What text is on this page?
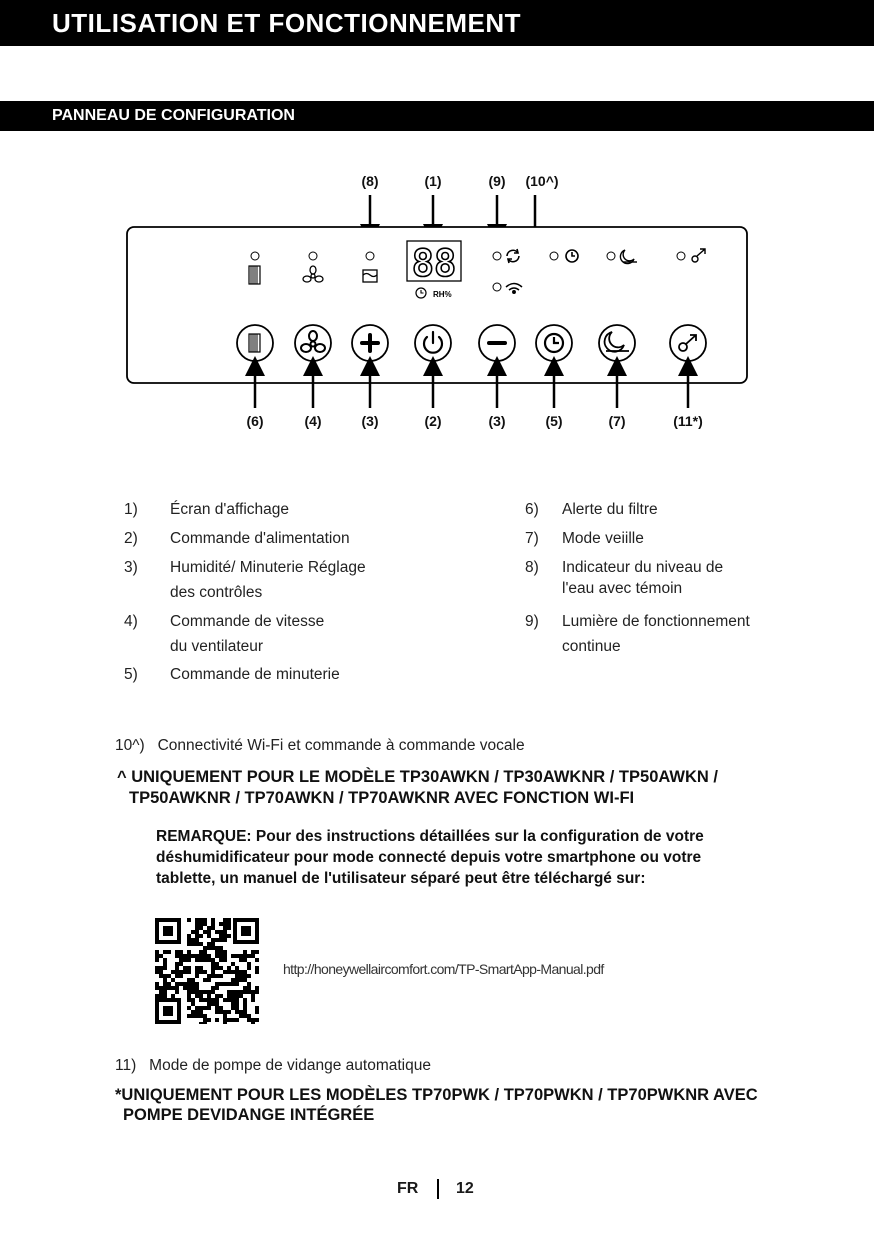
UTILISATION ET FONCTIONNEMENT
PANNEAU DE CONFIGURATION
(8)	(1)	(9) (10^)
88
RH%
(6)	(4)	(3)	(2)	(3)	(5)	(7)	(11*)
1) Écran d'affichage
2) Commande d'alimentation
3) Humidité/ Minuterie Réglage
des contrôles
4) Commande de vitesse
du ventilateur
5) Commande de minuterie
6) Alerte du filtre
7) Mode veiille
8) Indicateur du niveau de
l'eau avec témoin
9) Lumière de fonctionnement
continue
10^)   Connectivité Wi-Fi et commande à commande vocale
^ UNIQUEMENT POUR LE MODÈLE TP30AWKN / TP30AWKNR / TP50AWKN /
TP50AWKNR / TP70AWKN / TP70AWKNR AVEC FONCTION WI-FI
REMARQUE: Pour des instructions détaillées sur la configuration de votre déshumidificateur pour mode connecté depuis votre smartphone ou votre tablette, un manuel de l'utilisateur séparé peut être téléchargé sur:
http://honeywellaircomfort.com/TP-SmartApp-Manual.pdf
11)   Mode de pompe de vidange automatique
*UNIQUEMENT POUR LES MODÈLES TP70PWK / TP70PWKN / TP70PWKNR AVEC
POMPE DEVIDANGE INTÉGRÉE
FR 12
